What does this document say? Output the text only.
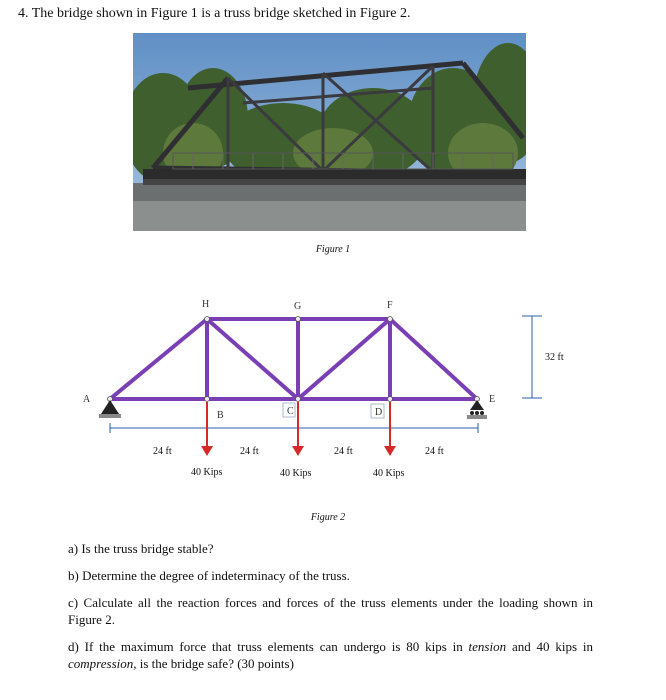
4. The bridge shown in Figure 1 is a truss bridge sketched in Figure 2.
Figure 1
A
H	G	F
B	C	D
E
24 ft	24 ft	24 ft	24 ft
32 ft
40 Kips	40 Kips	40 Kips
Figure 2

a) Is the truss bridge stable?

b) Determine the degree of indeterminacy of the truss.

c) Calculate all the reaction forces and forces of the truss elements under the loading shown in Figure 2.

d) If the maximum force that truss elements can undergo is 80 kips in tension and 40 kips in compression, is the bridge safe? (30 points)
